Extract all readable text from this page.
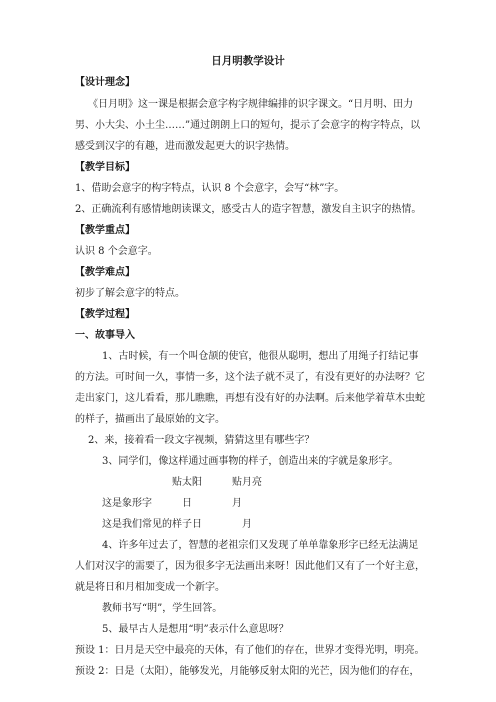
日月明教学设计
【设计理念】
《日月明》这一课是根据会意字构字规律编排的识字课文。“日月明、田力
男、小大尖、小土尘……”通过朗朗上口的短句，提示了会意字的构字特点，以
感受到汉字的有趣，进而激发起更大的识字热情。
【教学目标】
1、借助会意字的构字特点，认识 8 个会意字，会写“林”字。
2、正确流利有感情地朗读课文，感受古人的造字智慧，激发自主识字的热情。
【教学重点】
认识 8 个会意字。
【教学难点】
初步了解会意字的特点。
【教学过程】
一、故事导入
1、古时候，有一个叫仓颉的使官，他很从聪明，想出了用绳子打结记事
的方法。可时间一久，事情一多，这个法子就不灵了，有没有更好的办法呀？它
走出家门，这儿看看，那儿瞧瞧，再想有没有好的办法啊。后来他学着草木虫蛇
的样子，描画出了最原始的文字。
2、来，接着看一段文字视频，猜猜这里有哪些字？
3、同学们，像这样通过画事物的样子，创造出来的字就是象形字。
贴太阳　　　贴月亮
这是象形字　　　日　　　　月
这是我们常见的样子日　　　　月
4、许多年过去了，智慧的老祖宗们又发现了单单靠象形字已经无法满足
人们对汉字的需要了，因为很多字无法画出来呀！因此他们又有了一个好主意，
就是将日和月相加变成一个新字。
教师书写“明”，学生回答。
5、最早古人是想用“明”表示什么意思呀？
预设 1：日月是天空中最亮的天体，有了他们的存在，世界才变得光明，明亮。
预设 2：日是（太阳），能够发光，月能够反射太阳的光芒，因为他们的存在，
